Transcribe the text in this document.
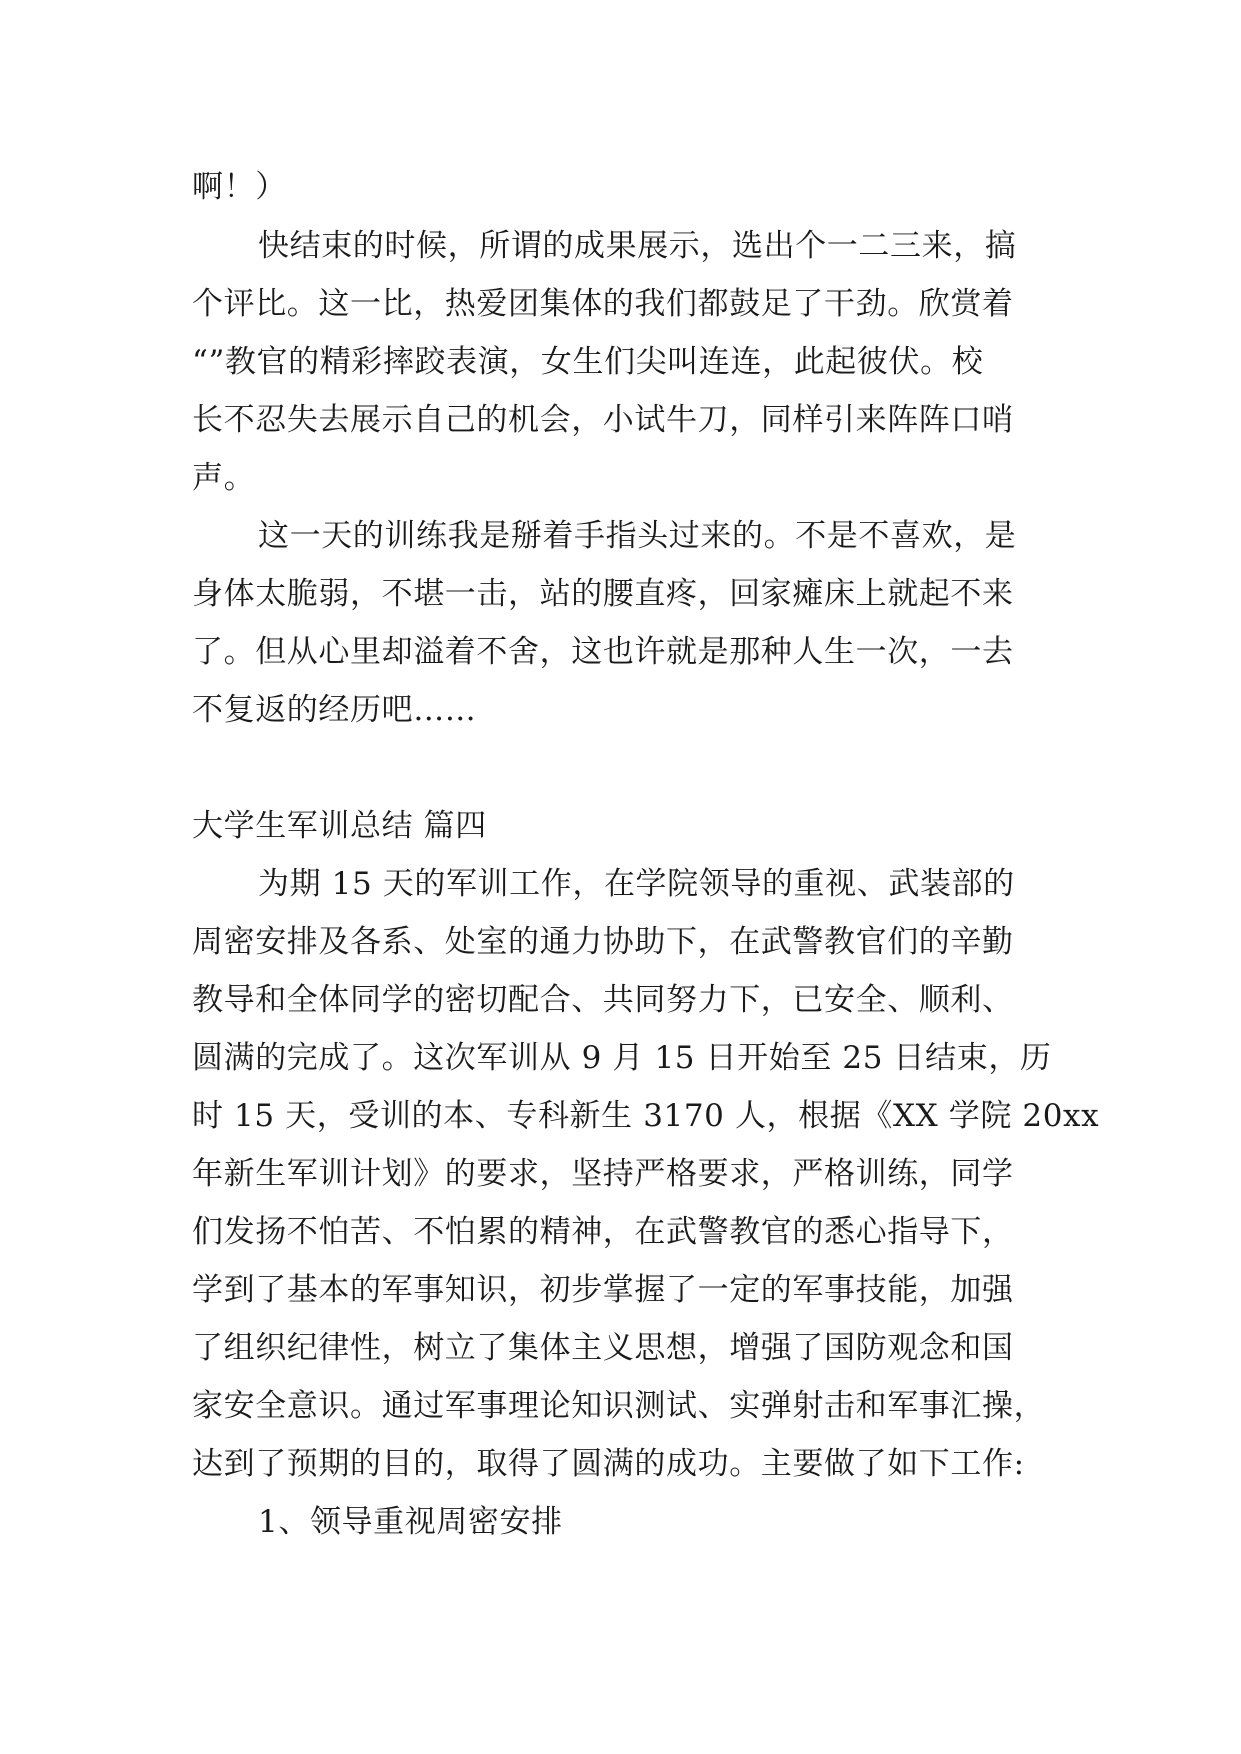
啊！）
快结束的时候，所谓的成果展示，选出个一二三来，搞
个评比。这一比，热爱团集体的我们都鼓足了干劲。欣赏着
“”教官的精彩摔跤表演，女生们尖叫连连，此起彼伏。校
长不忍失去展示自己的机会，小试牛刀，同样引来阵阵口哨
声。
这一天的训练我是掰着手指头过来的。不是不喜欢，是
身体太脆弱，不堪一击，站的腰直疼，回家瘫床上就起不来
了。但从心里却溢着不舍，这也许就是那种人生一次，一去
不复返的经历吧……
大学生军训总结 篇四
为期 15 天的军训工作，在学院领导的重视、武装部的
周密安排及各系、处室的通力协助下，在武警教官们的辛勤
教导和全体同学的密切配合、共同努力下，已安全、顺利、
圆满的完成了。这次军训从 9 月 15 日开始至 25 日结束，历
时 15 天，受训的本、专科新生 3170 人，根据《XX 学院 20xx
年新生军训计划》的要求，坚持严格要求，严格训练，同学
们发扬不怕苦、不怕累的精神，在武警教官的悉心指导下，
学到了基本的军事知识，初步掌握了一定的军事技能，加强
了组织纪律性，树立了集体主义思想，增强了国防观念和国
家安全意识。通过军事理论知识测试、实弹射击和军事汇操，
达到了预期的目的，取得了圆满的成功。主要做了如下工作:
1、领导重视周密安排
